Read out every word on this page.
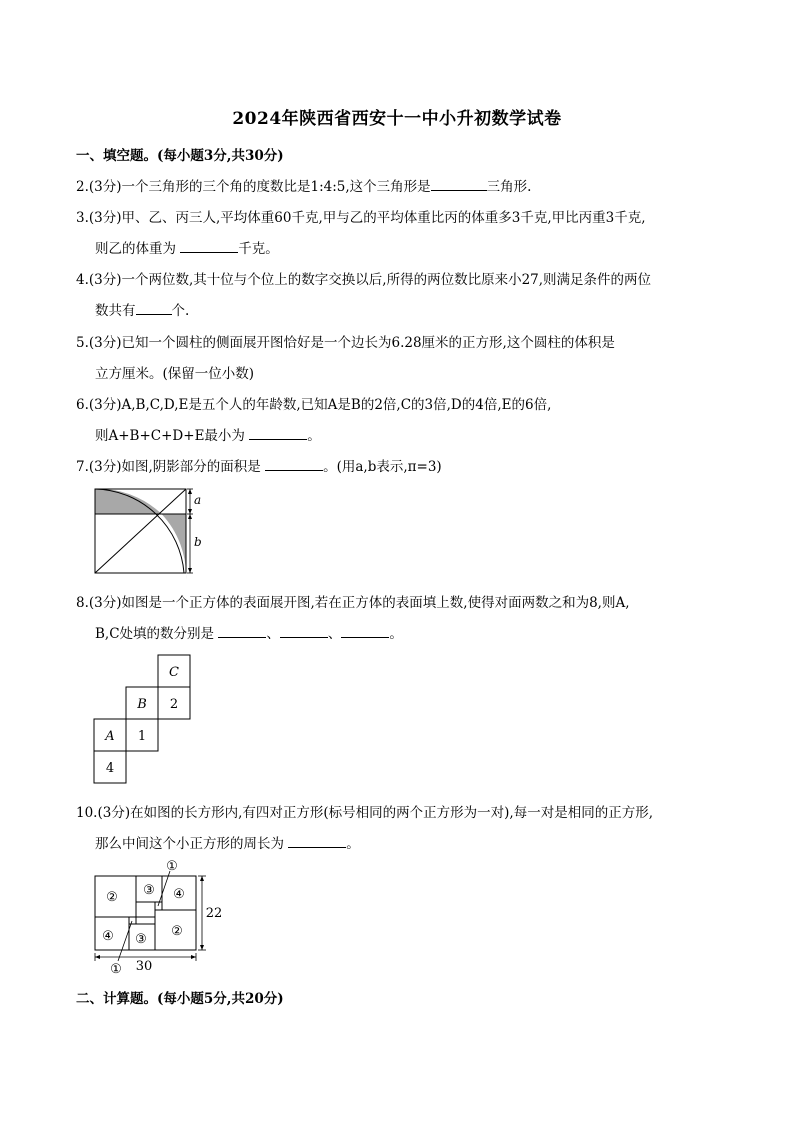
2024年陕西省西安十一中小升初数学试卷
一、填空题。(每小题3分,共30分)
2.(3分)一个三角形的三个角的度数比是1:4:5,这个三角形是	三角形.
3.(3分)甲、乙、丙三人,平均体重60千克,甲与乙的平均体重比丙的体重多3千克,甲比丙重3千克,
则乙的体重为	千克。
4.(3分)一个两位数,其十位与个位上的数字交换以后,所得的两位数比原来小27,则满足条件的两位
数共有	个.
5.(3分)已知一个圆柱的侧面展开图恰好是一个边长为6.28厘米的正方形,这个圆柱的体积是
立方厘米。(保留一位小数)
6.(3分)A,B,C,D,E是五个人的年龄数,已知A是B的2倍,C的3倍,D的4倍,E的6倍,
则A+B+C+D+E最小为	。
7.(3分)如图,阴影部分的面积是	。(用a,b表示,π=3)
a
b
8.(3分)如图是一个正方体的表面展开图,若在正方体的表面填上数,使得对面两数之和为8,则A,
B,C处填的数分别是	、	、	。
C
B 2
A 1
4
10.(3分)在如图的长方形内,有四对正方形(标号相同的两个正方形为一对),每一对是相同的正方形,
那么中间这个小正方形的周长为	。
①
② ③ ④
④ ③
②
①
22
30
二、计算题。(每小题5分,共20分)
